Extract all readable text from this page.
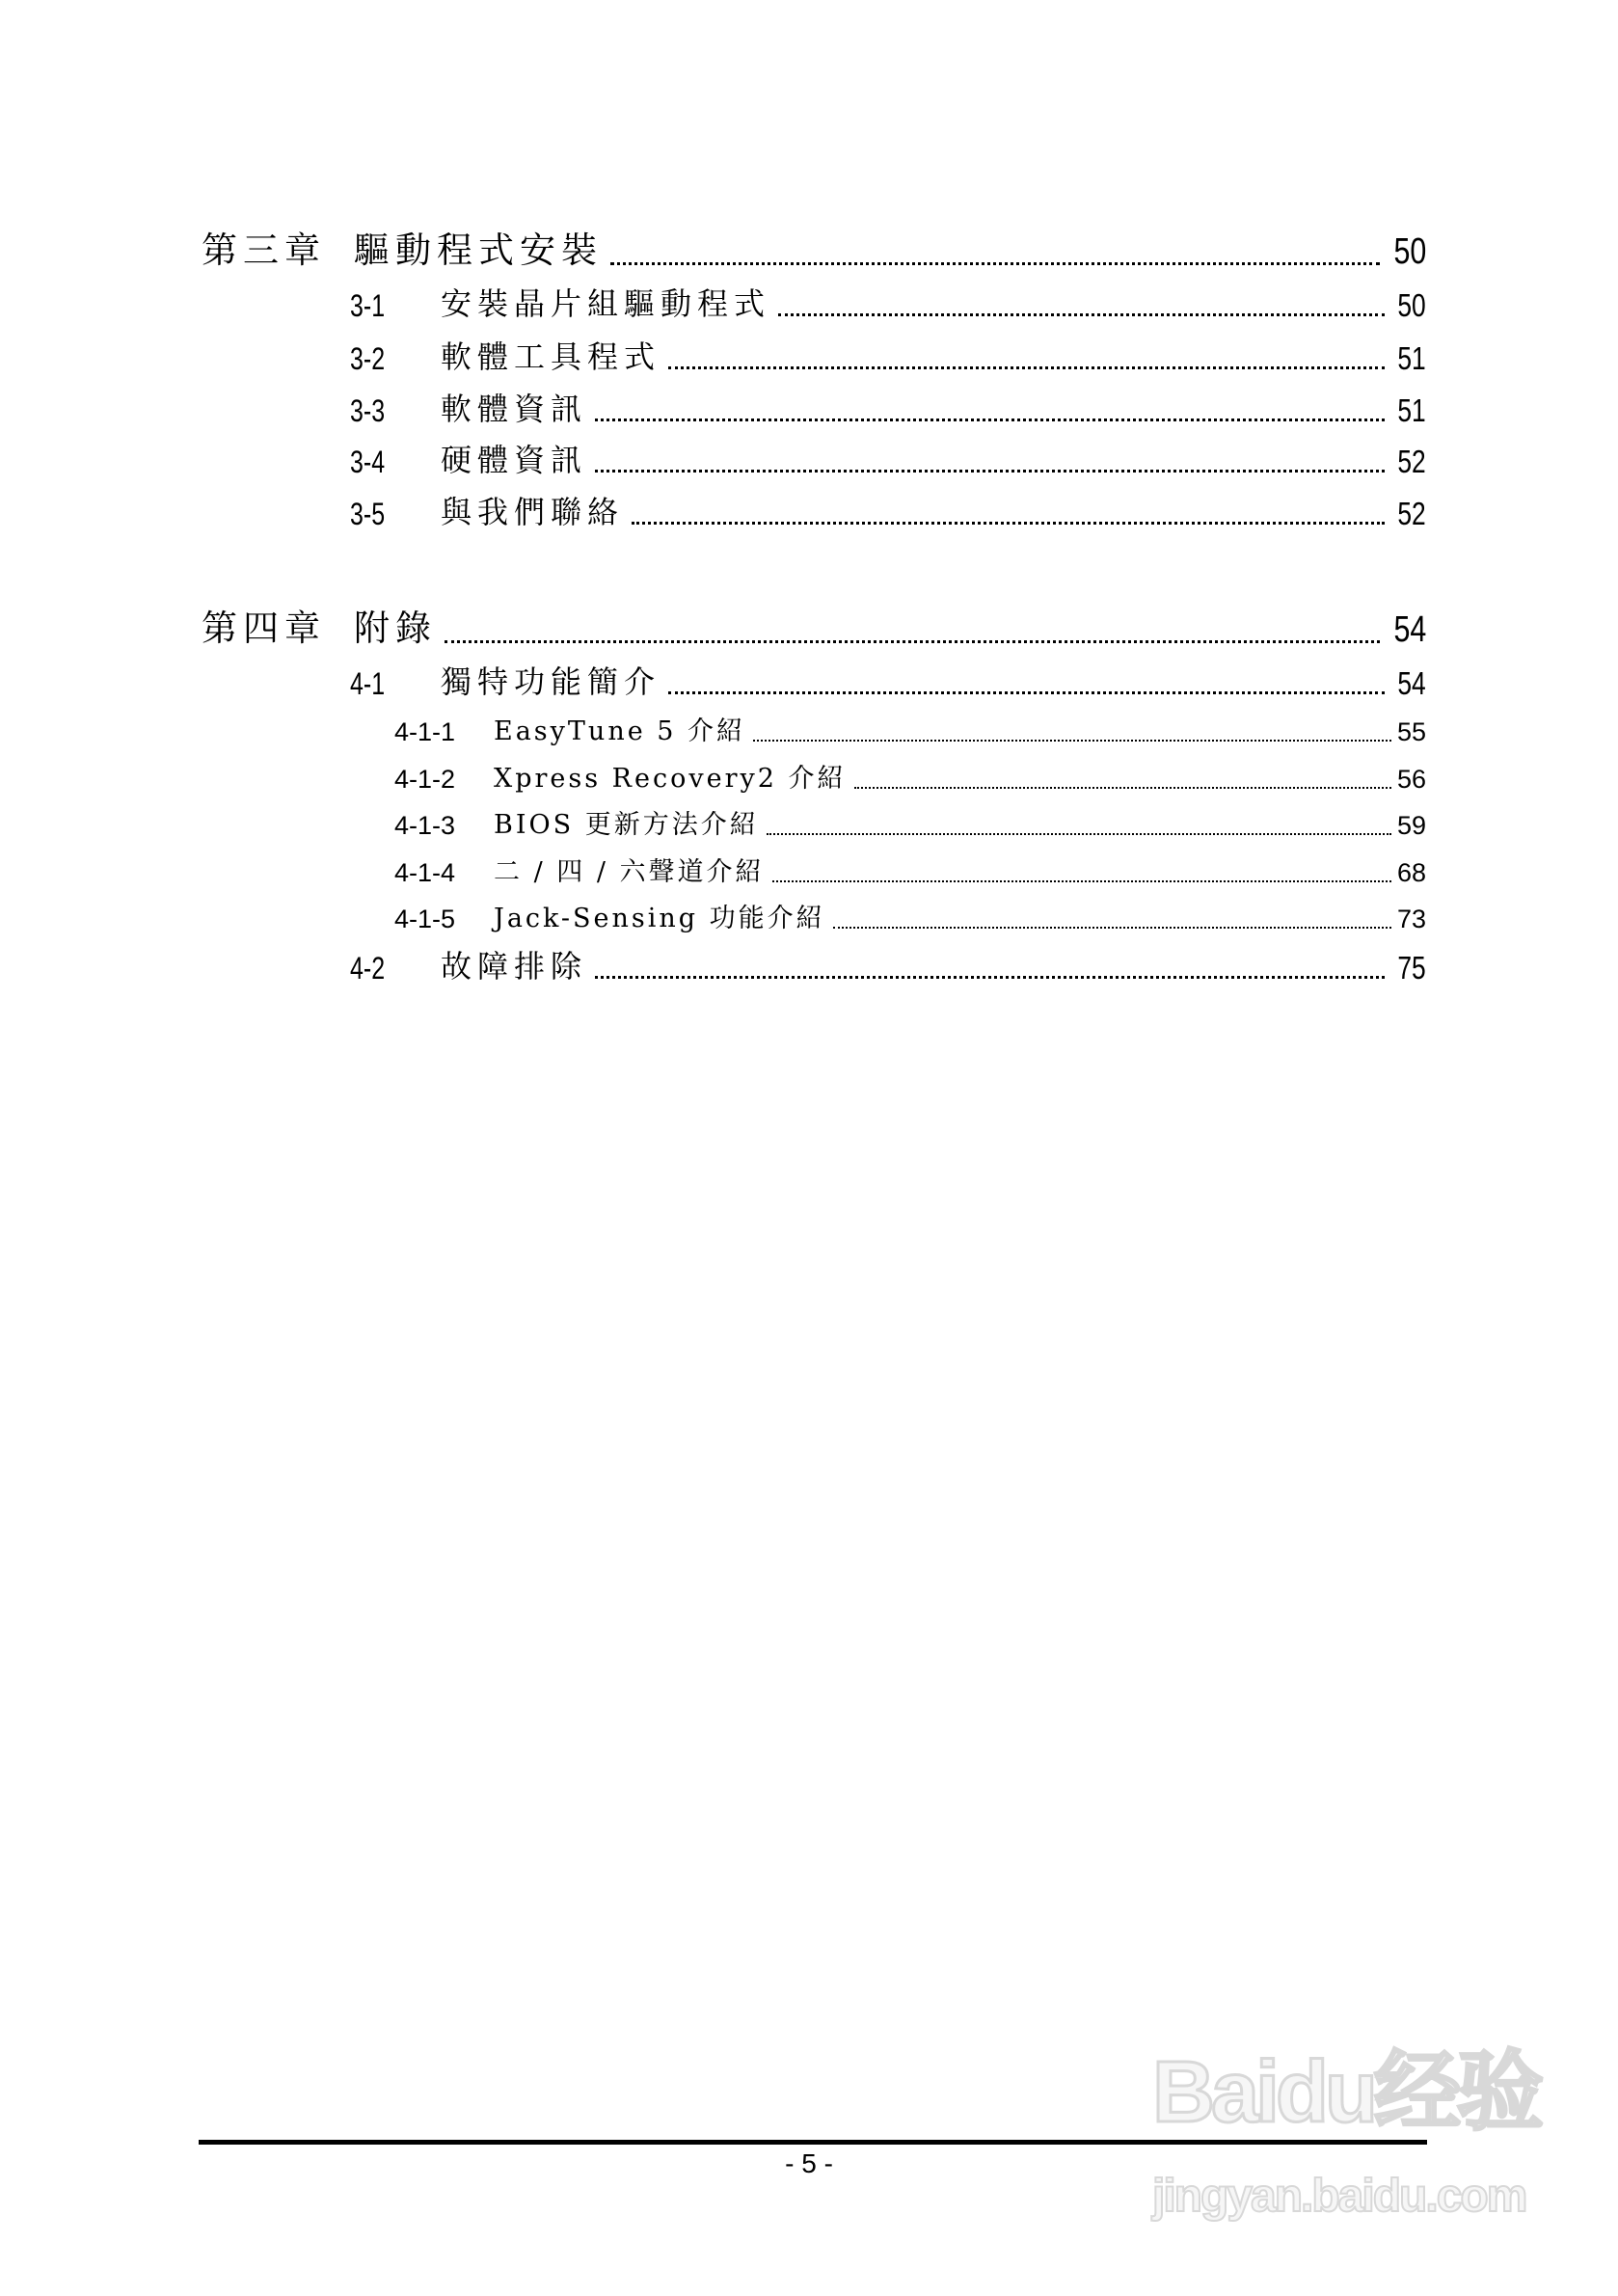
第三章 驅動程式安裝	50
3-1	安裝晶片組驅動程式	50
3-2	軟體工具程式	51
3-3	軟體資訊	51
3-4	硬體資訊	52
3-5	與我們聯絡	52
第四章 附錄	54
4-1	獨特功能簡介	54
4-1-1	EasyTune 5 介紹	55
4-1-2	Xpress Recovery2 介紹	56
4-1-3	BIOS 更新方法介紹	59
4-1-4	二 / 四 / 六聲道介紹	68
4-1-5	Jack-Sensing 功能介紹	73
4-2	故障排除	75
- 5 -
Baidu经验
jingyan.baidu.com
